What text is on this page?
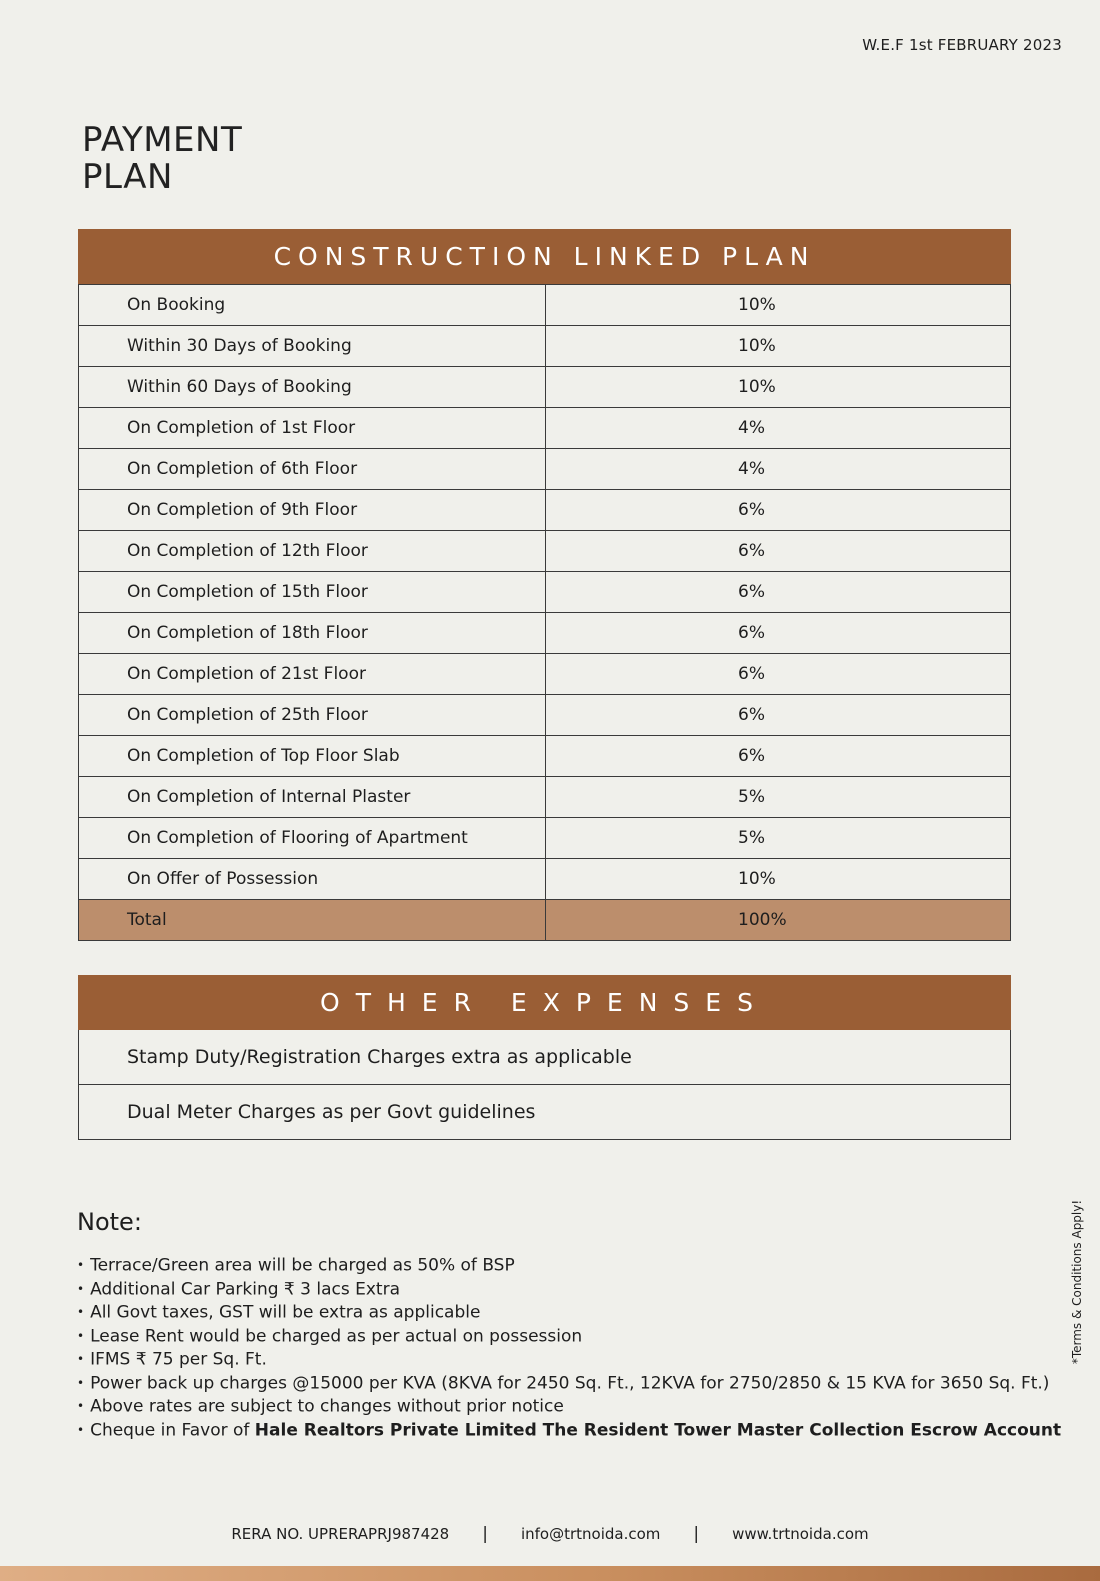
W.E.F 1st FEBRUARY 2023
PAYMENT
PLAN
CONSTRUCTION LINKED PLAN
On Booking	10%
Within 30 Days of Booking	10%
Within 60 Days of Booking	10%
On Completion of 1st Floor	4%
On Completion of 6th Floor	4%
On Completion of 9th Floor	6%
On Completion of 12th Floor	6%
On Completion of 15th Floor	6%
On Completion of 18th Floor	6%
On Completion of 21st Floor	6%
On Completion of 25th Floor	6%
On Completion of Top Floor Slab	6%
On Completion of Internal Plaster	5%
On Completion of Flooring of Apartment	5%
On Offer of Possession	10%
Total	100%
OTHER EXPENSES
Stamp Duty/Registration Charges extra as applicable
Dual Meter Charges as per Govt guidelines
Note:
• Terrace/Green area will be charged as 50% of BSP
• Additional Car Parking ₹ 3 lacs Extra
• All Govt taxes, GST will be extra as applicable
• Lease Rent would be charged as per actual on possession
• IFMS ₹ 75 per Sq. Ft.
• Power back up charges @15000 per KVA (8KVA for 2450 Sq. Ft., 12KVA for 2750/2850 & 15 KVA for 3650 Sq. Ft.)
• Above rates are subject to changes without prior notice
• Cheque in Favor of Hale Realtors Private Limited The Resident Tower Master Collection Escrow Account
*Terms & Conditions Apply!
RERA NO. UPRERAPRJ987428 | info@trtnoida.com | www.trtnoida.com
